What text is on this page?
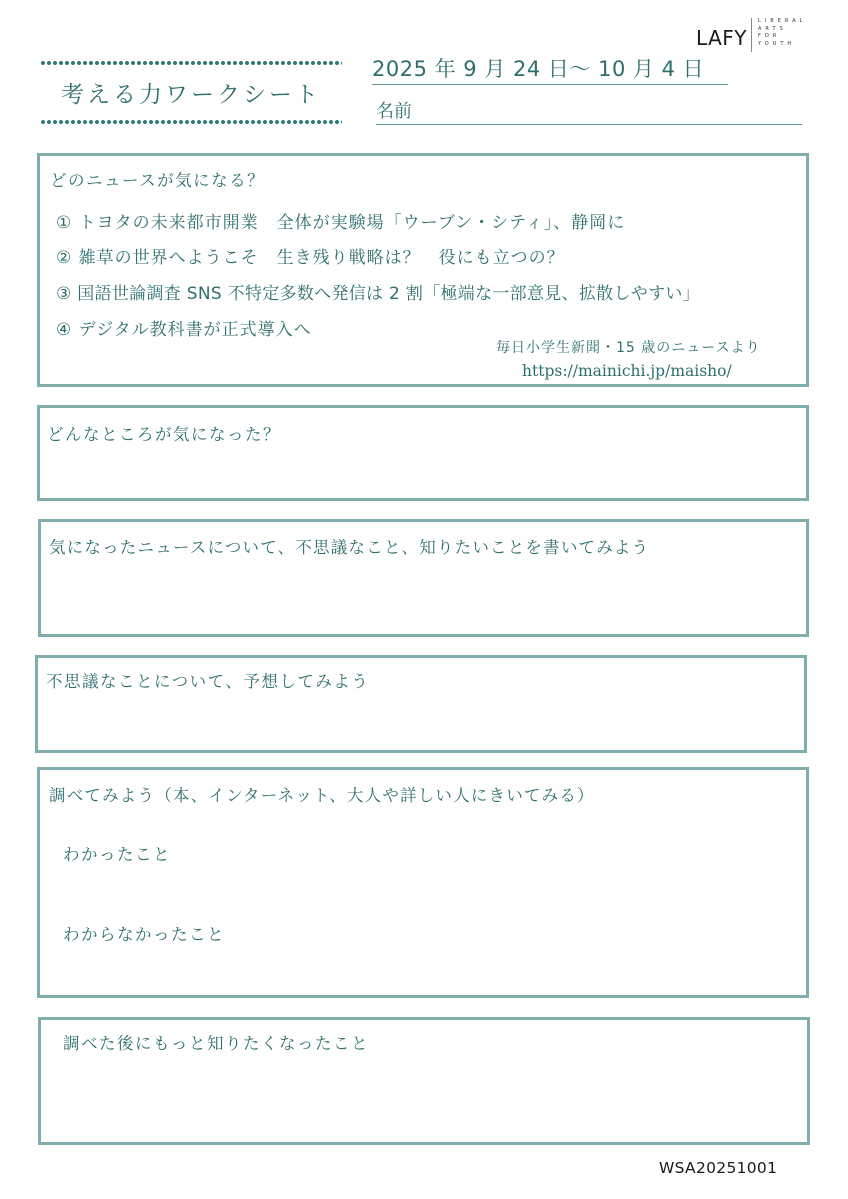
LAFY
LIBERAL
ARTS
FOR
YOUTH
考える力ワークシート
2025 年 9 月 24 日～ 10 月 4 日
名前
どのニュースが気になる？
① トヨタの未来都市開業　全体が実験場「ウーブン・シティ」、静岡に
② 雑草の世界へようこそ　生き残り戦略は？　役にも立つの？
③ 国語世論調査 SNS 不特定多数へ発信は 2 割「極端な一部意見、拡散しやすい」
④ デジタル教科書が正式導入へ
毎日小学生新聞・15 歳のニュースより
https://mainichi.jp/maisho/
どんなところが気になった？
気になったニュースについて、不思議なこと、知りたいことを書いてみよう
不思議なことについて、予想してみよう
調べてみよう（本、インターネット、大人や詳しい人にきいてみる）
わかったこと
わからなかったこと
調べた後にもっと知りたくなったこと
WSA20251001
